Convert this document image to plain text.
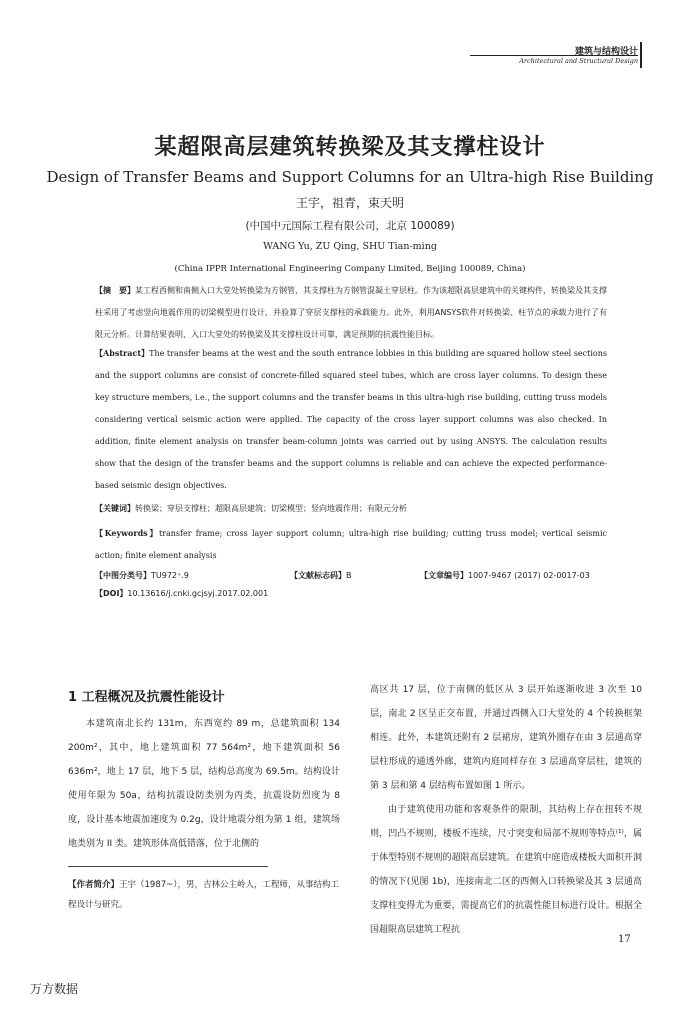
建筑与结构设计
Architectural and Structural Design
某超限高层建筑转换梁及其支撑柱设计
Design of Transfer Beams and Support Columns for an Ultra-high Rise Building
王宇，祖青，束天明
(中国中元国际工程有限公司，北京 100089)
WANG Yu, ZU Qing, SHU Tian-ming
(China IPPR International Engineering Company Limited, Beijing 100089, China)
【摘　要】某工程西侧和南侧入口大堂处转换梁为方钢管，其支撑柱为方钢管混凝土穿层柱。作为该超限高层建筑中的关键构件，转换梁及其支撑柱采用了考虑竖向地震作用的切梁模型进行设计，并验算了穿层支撑柱的承载能力。此外，利用ANSYS软件对转换梁、柱节点的承载力进行了有限元分析。计算结果表明，入口大堂处的转换梁及其支撑柱设计可靠，满足预期的抗震性能目标。
【Abstract】The transfer beams at the west and the south entrance lobbies in this building are squared hollow steel sections and the support columns are consist of concrete-filled squared steel tubes, which are cross layer columns. To design these key structure members, i.e., the support columns and the transfer beams in this ultra-high rise building, cutting truss models considering vertical seismic action were applied. The capacity of the cross layer support columns was also checked. In addition, finite element analysis on transfer beam-column joints was carried out by using ANSYS. The calculation results show that the design of the transfer beams and the support columns is reliable and can achieve the expected performance-based seismic design objectives.
【关键词】转换梁；穿层支撑柱；超限高层建筑；切梁模型；竖向地震作用；有限元分析
【Keywords】transfer frame; cross layer support column; ultra-high rise building; cutting truss model; vertical seismic action; finite element analysis
【中图分类号】TU972⁺.9	【文献标志码】B	【文章编号】1007-9467 (2017) 02-0017-03
【DOI】10.13616/j.cnki.gcjsyj.2017.02.001
1 工程概况及抗震性能设计

本建筑南北长约 131m，东西宽约 89 m，总建筑面积 134 200m²，其中，地上建筑面积 77 564m²，地下建筑面积 56 636m²，地上 17 层，地下 5 层，结构总高度为 69.5m。结构设计使用年限为 50a，结构抗震设防类别为丙类，抗震设防烈度为 8 度，设计基本地震加速度为 0.2g，设计地震分组为第 1 组，建筑场地类别为 II 类。建筑形体高低错落，位于北侧的

高区共 17 层，位于南侧的低区从 3 层开始逐渐收进 3 次至 10 层，南北 2 区呈正交布置，并通过西侧入口大堂处的 4 个转换框架相连。此外，本建筑还附有 2 层裙房，建筑外圈存在由 3 层通高穿层柱形成的通透外廊，建筑内庭同样存在 3 层通高穿层柱，建筑的第 3 层和第 4 层结构布置如图 1 所示。

由于建筑使用功能和客观条件的限制，其结构上存在扭转不规则，凹凸不规则，楼板不连续，尺寸突变和局部不规则等特点⁽¹⁾，属于体型特别不规则的超限高层建筑。在建筑中庭造成楼板大面积开洞的情况下(见图 1b)，连接南北二区的西侧入口转换梁及其 3 层通高支撑柱变得尤为重要，需提高它们的抗震性能目标进行设计。根据全国超限高层建筑工程抗

【作者简介】王宇（1987~），男，吉林公主岭人，工程师，从事结构工程设计与研究。
17
万方数据
